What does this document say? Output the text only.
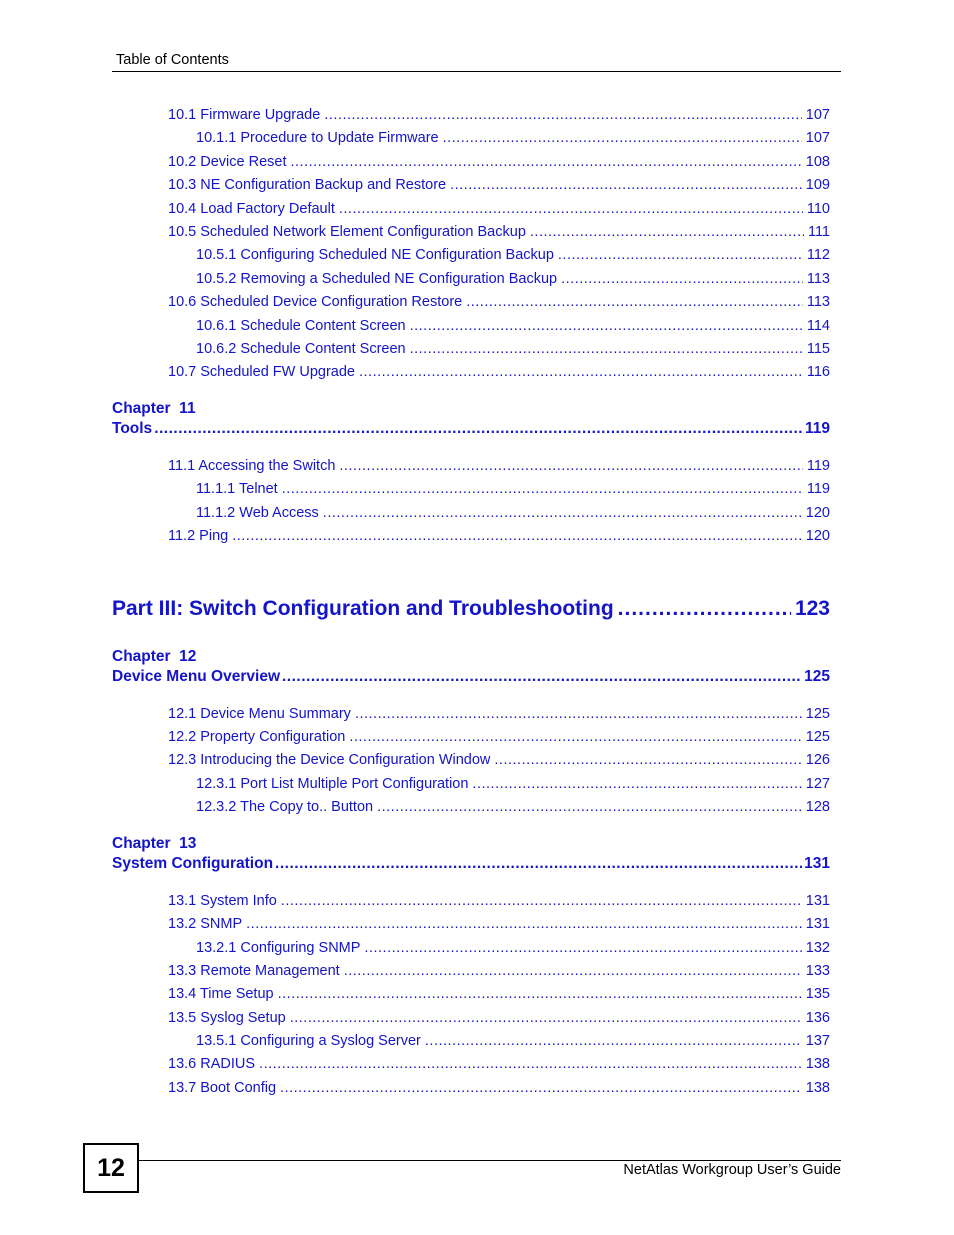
Table of Contents
10.1 Firmware Upgrade .....	107
10.1.1 Procedure to Update Firmware .....	107
10.2 Device Reset .....	108
10.3 NE Configuration Backup and Restore .....	109
10.4 Load Factory Default .....	110
10.5 Scheduled Network Element Configuration Backup .....	111
10.5.1 Configuring Scheduled NE Configuration Backup .....	112
10.5.2 Removing a Scheduled NE Configuration Backup .....	113
10.6 Scheduled Device Configuration Restore .....	113
10.6.1 Schedule Content Screen .....	114
10.6.2 Schedule Content Screen .....	115
10.7 Scheduled FW Upgrade .....	116
Chapter  11
Tools .....	119
11.1 Accessing the Switch .....	119
11.1.1 Telnet .....	119
11.1.2 Web Access .....	120
11.2 Ping .....	120
Part III: Switch Configuration and Troubleshooting .....	123
Chapter  12
Device Menu Overview .....	125
12.1 Device Menu Summary .....	125
12.2 Property Configuration .....	125
12.3 Introducing the Device Configuration Window .....	126
12.3.1 Port List Multiple Port Configuration .....	127
12.3.2 The Copy to.. Button .....	128
Chapter  13
System Configuration .....	131
13.1 System Info .....	131
13.2 SNMP .....	131
13.2.1 Configuring SNMP .....	132
13.3 Remote Management .....	133
13.4 Time Setup .....	135
13.5 Syslog Setup .....	136
13.5.1 Configuring a Syslog Server .....	137
13.6 RADIUS .....	138
13.7 Boot Config .....	138
12	NetAtlas Workgroup User’s Guide
